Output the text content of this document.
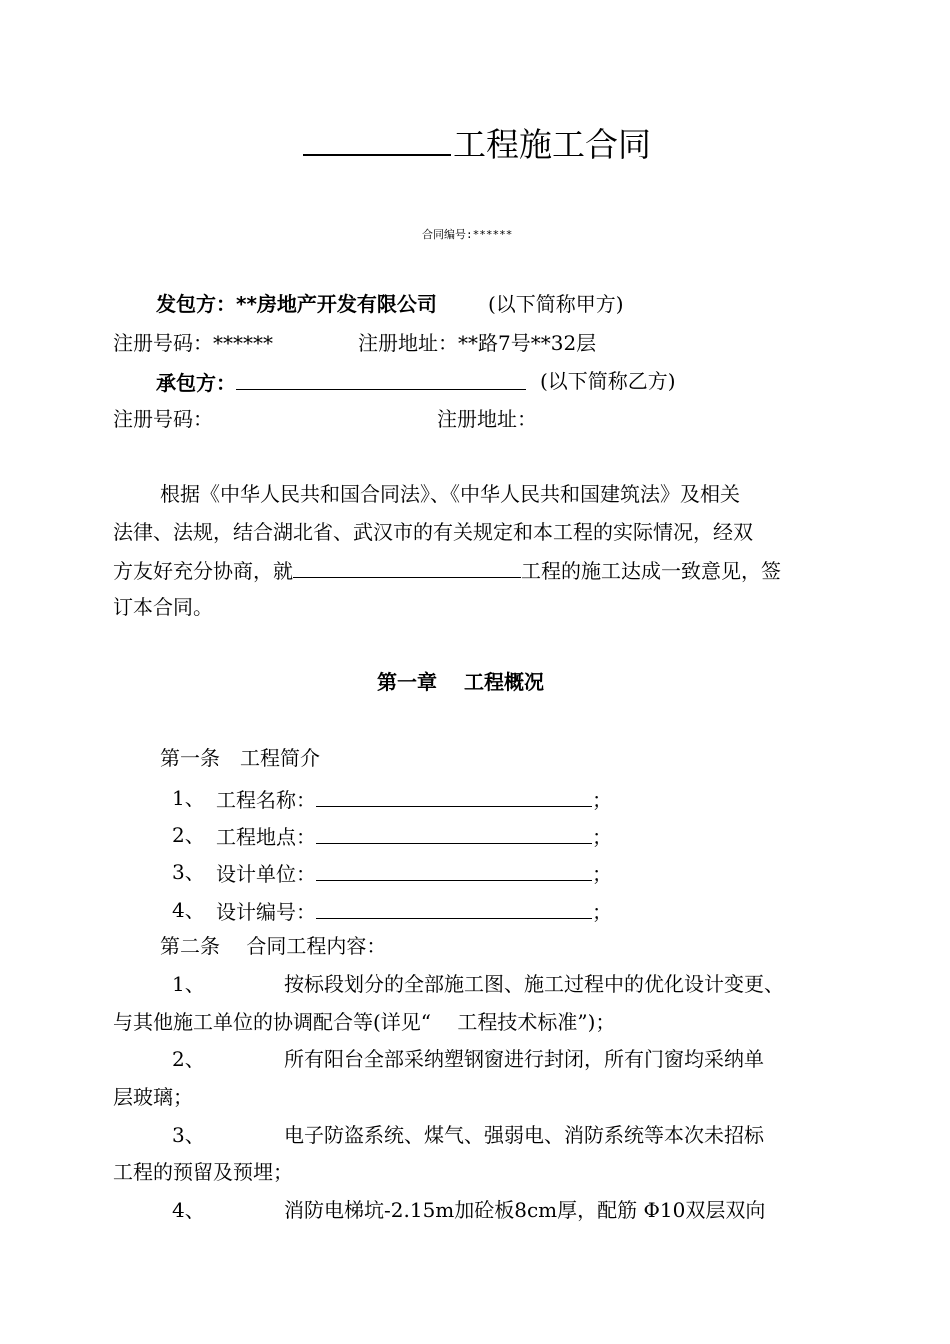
工程施工合同
合同编号:******
发包方：**房地产开发有限公司	(以下简称甲方)
注册号码：******	注册地址：**路7号**32层
承包方：	(以下简称乙方)
注册号码：	注册地址：
根据《中华人民共和国合同法》、《中华人民共和国建筑法》及相关
法律、法规，结合湖北省、武汉市的有关规定和本工程的实际情况，经双
方友好充分协商，就	工程的施工达成一致意见，签
订本合同。
第一章　 工程概况
第一条　工程简介
1、 工程名称：	；
2、 工程地点：	；
3、 设计单位：	；
4、 设计编号：	；
第二条　 合同工程内容：
1、	按标段划分的全部施工图、施工过程中的优化设计变更、
与其他施工单位的协调配合等(详见“　 工程技术标准”)；
2、	所有阳台全部采纳塑钢窗进行封闭，所有门窗均采纳单
层玻璃；
3、	电子防盗系统、煤气、强弱电、消防系统等本次未招标
工程的预留及预埋；
4、	消防电梯坑-2.15m加砼板8cm厚，配筋 Φ10双层双向
